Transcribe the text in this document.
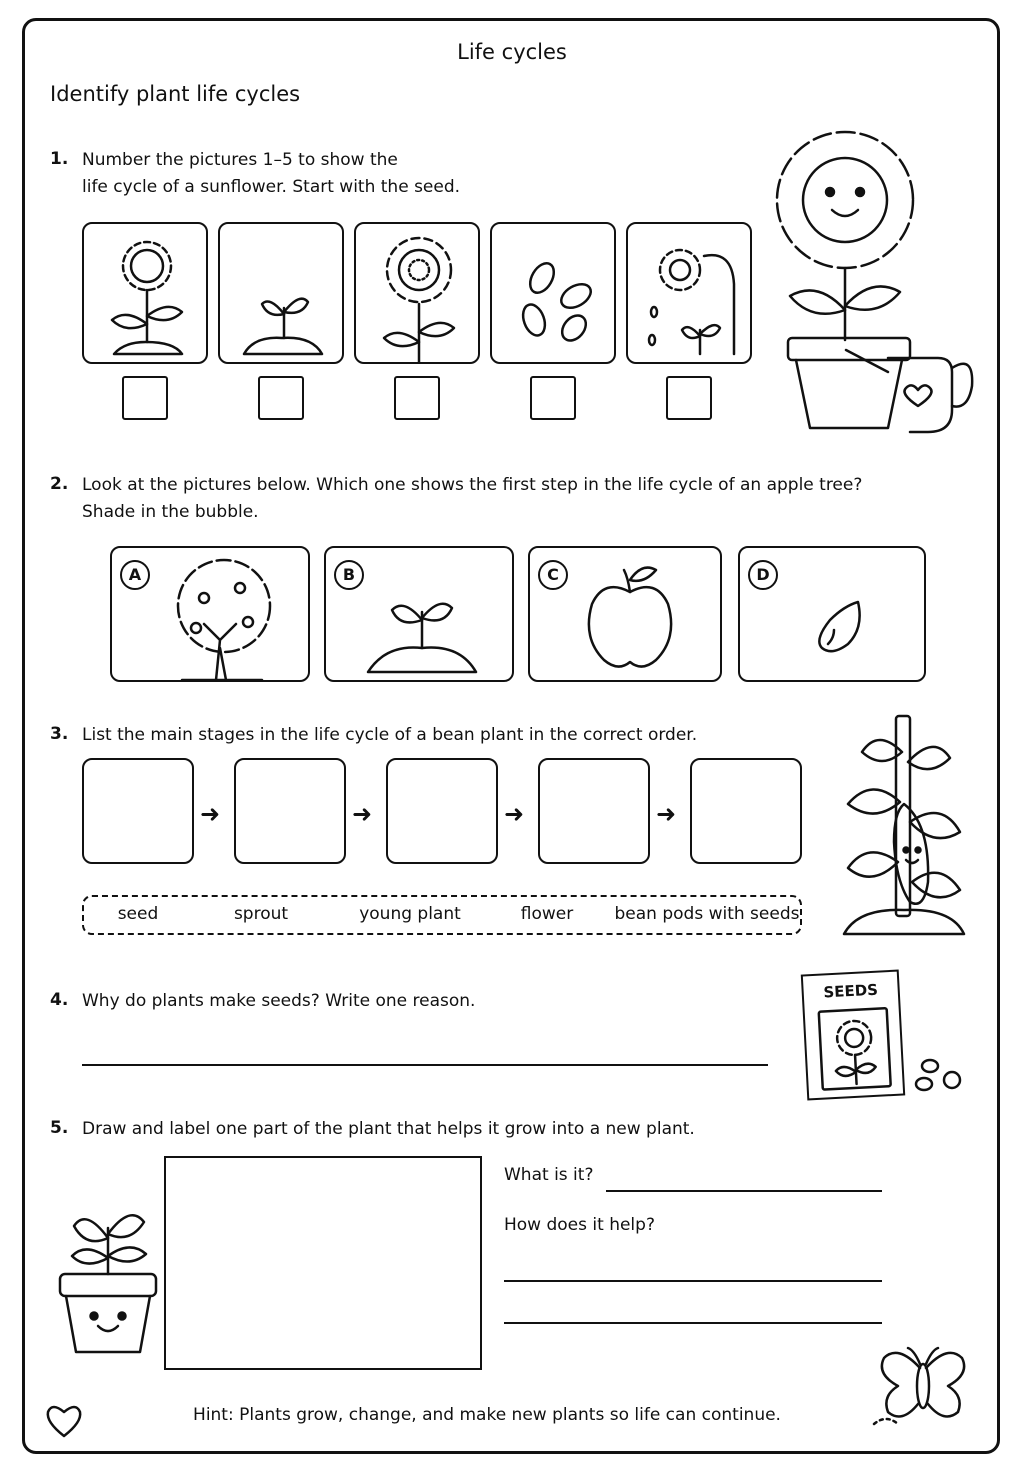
Life cycles
Identify plant life cycles
1. Number the pictures 1–5 to show the
life cycle of a sunflower. Start with the seed.
2. Look at the pictures below. Which one shows the first step in the life cycle of an apple tree?
Shade in the bubble.
A	B	C	D
3. List the main stages in the life cycle of a bean plant in the correct order.
➜	➜	➜	➜
seed	sprout	young plant	flower	bean pods with seeds
4. Why do plants make seeds? Write one reason.	SEEDS
5. Draw and label one part of the plant that helps it grow into a new plant.
What is it?
How does it help?
Hint: Plants grow, change, and make new plants so life can continue.
